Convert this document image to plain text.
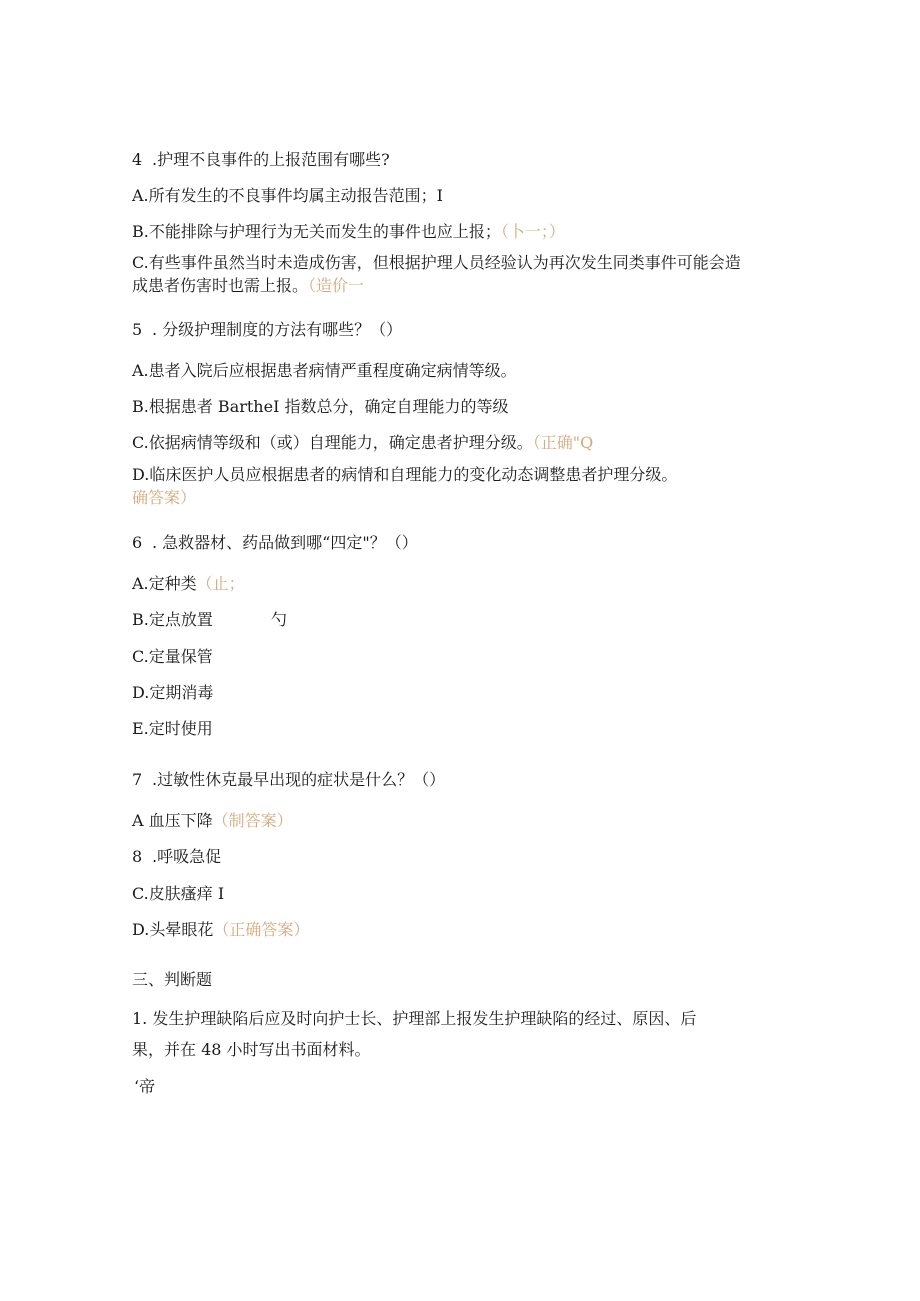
4 .护理不良事件的上报范围有哪些?
A.所有发生的不良事件均属主动报告范围；I
B.不能排除与护理行为无关而发生的事件也应上报；（卜一；）
C.有些事件虽然当时未造成伤害，但根据护理人员经验认为再次发生同类事件可能会造
成患者伤害时也需上报。（造价一
5 . 分级护理制度的方法有哪些？（）
A.患者入院后应根据患者病情严重程度确定病情等级。
B.根据患者 BartheI 指数总分，确定自理能力的等级
C.依据病情等级和（或）自理能力，确定患者护理分级。（正确"Q
D.临床医护人员应根据患者的病情和自理能力的变化动态调整患者护理分级。
确答案）
6 . 急救器材、药品做到哪“四定"？（）
A.定种类（止；
B.定点放置	勺
C.定量保管
D.定期消毒
E.定时使用
7 .过敏性休克最早出现的症状是什么？（）
A 血压下降（制答案）
8 .呼吸急促
C.皮肤瘙痒 I
D.头晕眼花（正确答案）
三、判断题
1. 发生护理缺陷后应及时向护士长、护理部上报发生护理缺陷的经过、原因、后
果，并在 48 小时写出书面材料。
‘帝
